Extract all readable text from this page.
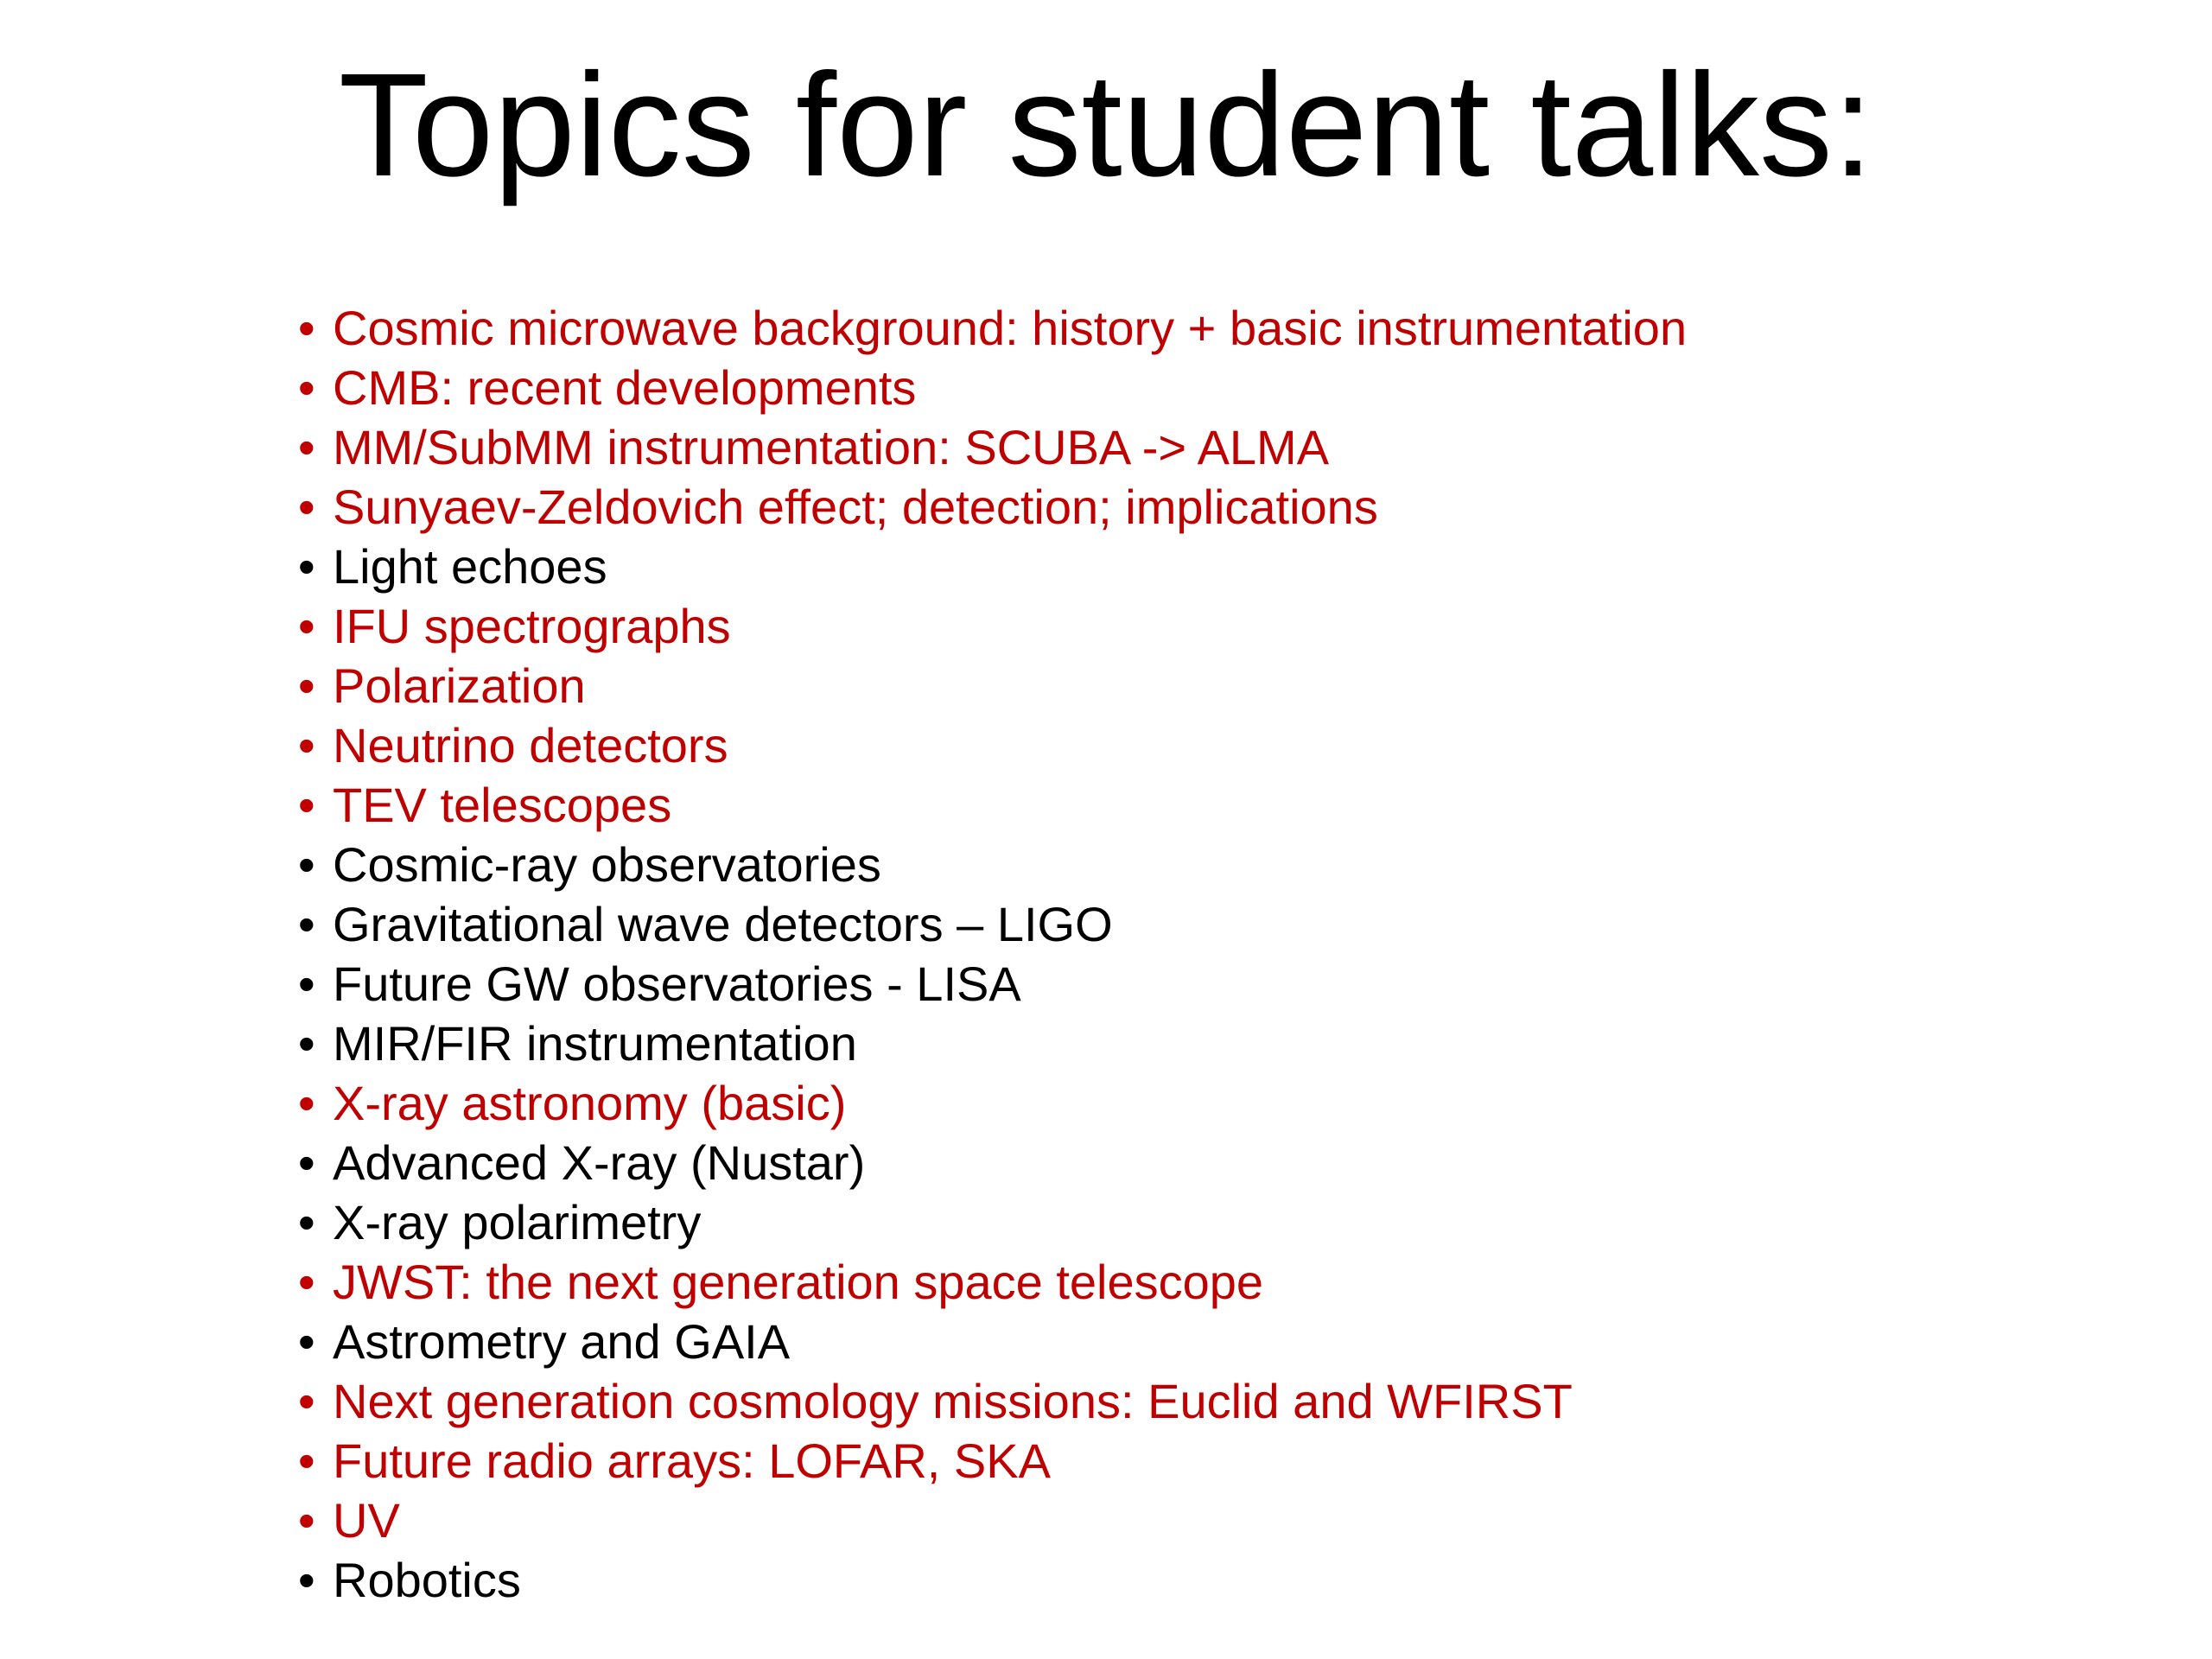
Topics for student talks:
• Cosmic microwave background: history + basic instrumentation
• CMB: recent developments
• MM/SubMM instrumentation: SCUBA -> ALMA
• Sunyaev-Zeldovich effect; detection; implications
• Light echoes
• IFU spectrographs
• Polarization
• Neutrino detectors
• TEV telescopes
• Cosmic-ray observatories
• Gravitational wave detectors – LIGO
• Future GW observatories - LISA
• MIR/FIR instrumentation
• X-ray astronomy (basic)
• Advanced X-ray (Nustar)
• X-ray polarimetry
• JWST: the next generation space telescope
• Astrometry and GAIA
• Next generation cosmology missions: Euclid and WFIRST
• Future radio arrays: LOFAR, SKA
• UV
• Robotics
